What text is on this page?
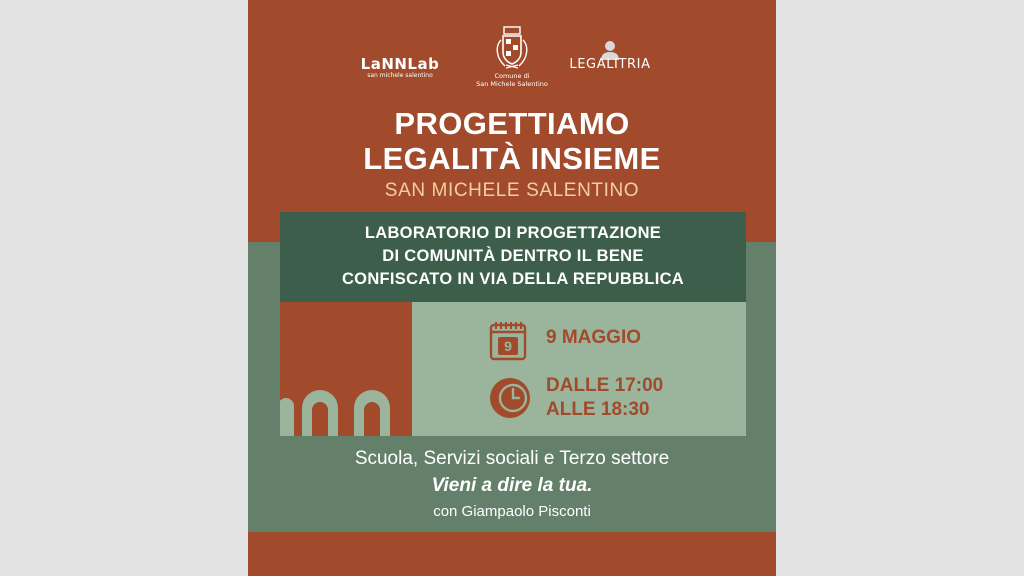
LaNNLab
san michele salentino	Comune di
San Michele Salentino
LEGALITRIA
PROGETTIAMO
LEGALITÀ INSIEME
SAN MICHELE SALENTINO
LABORATORIO DI PROGETTAZIONE
DI COMUNITÀ DENTRO IL BENE
CONFISCATO IN VIA DELLA REPUBBLICA
9 9 MAGGIO
DALLE 17:00
ALLE 18:30
Scuola, Servizi sociali e Terzo settore
Vieni a dire la tua.
con Giampaolo Pisconti
